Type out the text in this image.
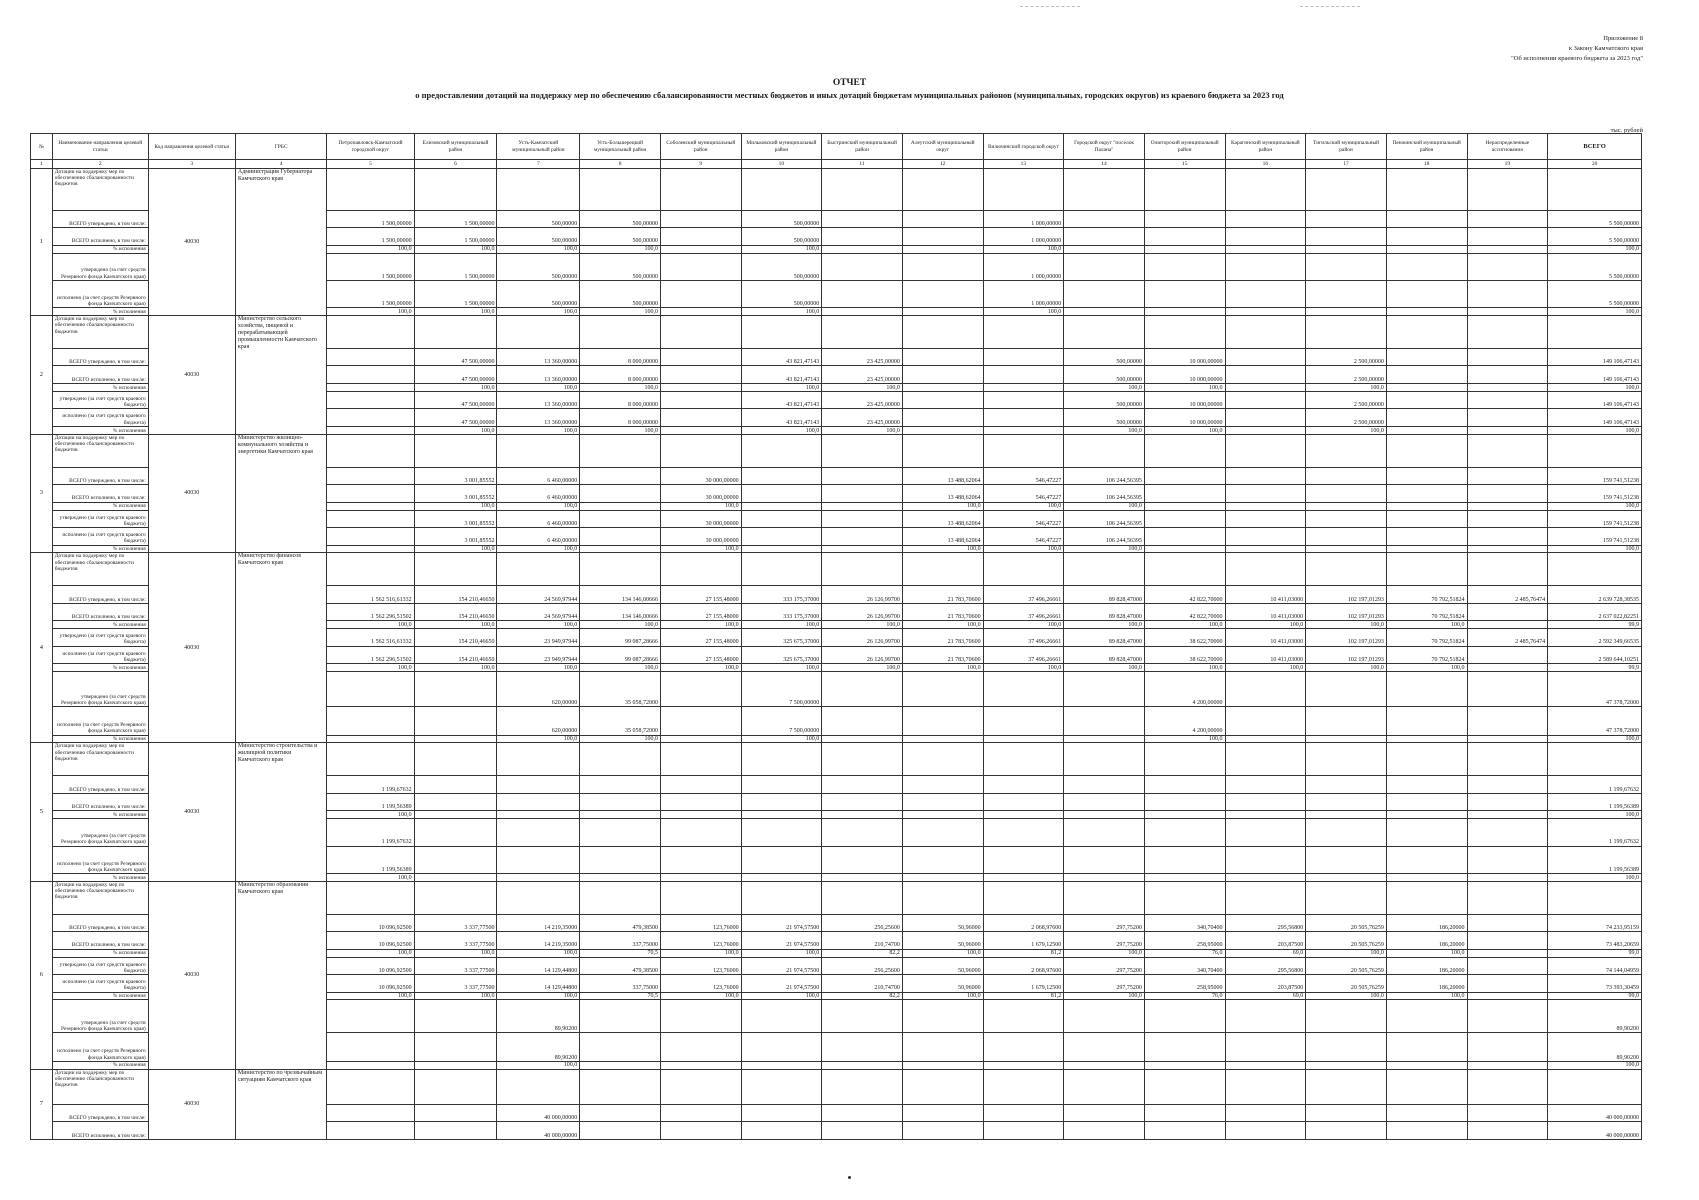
Приложение 8
к Закону Камчатского края
"Об исполнении краевого бюджета за 2023 год"
ОТЧЕТ
о предоставлении дотаций на поддержку мер по обеспечению сбалансированности местных бюджетов и иных дотаций бюджетам муниципальных районов (муниципальных, городских округов) из краевого бюджета за 2023 год
тыс. рублей
№	Наименование направления целевой статьи	Код направления целевой статьи	ГРБС	Петропавловск-Камчатский городской округ	Елизовский муниципальный район	Усть-Камчатский муниципальный район	Усть-Большерецкий муниципальный район	Соболевский муниципальный район	Мильковский муниципальный район	Быстринский муниципальный район	Алеутский муниципальный округ	Вилючинский городской округ	Городской округ "поселок Палана"	Олюторский муниципальный район	Карагинский муниципальный район	Тигильский муниципальный район	Пенжинский муниципальный район	Нераспределенные ассигнования	ВСЕГО
1	2	3	4	5	6	7	8	9	10	11	12	13	14	15	16	17	18	19	20
1	Дотации на поддержку мер по обеспечению сбалансированности бюджетов	40030	Администрация Губернатора Камчатского края																
	ВСЕГО утверждено, в том числе:			1 500,00000	1 500,00000	500,00000	500,00000		500,00000			1 000,00000							5 500,00000
	ВСЕГО исполнено, в том числе:			1 500,00000	1 500,00000	500,00000	500,00000		500,00000			1 000,00000							5 500,00000
	% исполнения			100,0	100,0	100,0	100,0		100,0			100,0							100,0
	утверждено (за счет средств Резервного фонда Камчатского края)			1 500,00000	1 500,00000	500,00000	500,00000		500,00000			1 000,00000							5 500,00000
	исполнено (за счет средств Резервного фонда Камчатского края)			1 500,00000	1 500,00000	500,00000	500,00000		500,00000			1 000,00000							5 500,00000
	% исполнения			100,0	100,0	100,0	100,0		100,0			100,0							100,0
2	Дотации на поддержку мер по обеспечению сбалансированности бюджетов	40030	Министерство сельского хозяйства, пищевой и перерабатывающей промышленности Камчатского края																
	ВСЕГО утверждено, в том числе:				47 500,00000	13 360,00000	8 000,00000		43 821,47143	23 425,00000			500,00000	10 000,00000		2 500,00000			149 106,47143
	ВСЕГО исполнено, в том числе:				47 500,00000	13 360,00000	8 000,00000		43 821,47143	23 425,00000			500,00000	10 000,00000		2 500,00000			149 106,47143
	% исполнения				100,0	100,0	100,0		100,0	100,0			100,0	100,0		100,0			100,0
	утверждено (за счет средств краевого бюджета)				47 500,00000	13 360,00000	8 000,00000		43 821,47143	23 425,00000			500,00000	10 000,00000		2 500,00000			149 106,47143
	исполнено (за счет средств краевого бюджета)				47 500,00000	13 360,00000	8 000,00000		43 821,47143	23 425,00000			500,00000	10 000,00000		2 500,00000			149 106,47143
	% исполнения				100,0	100,0	100,0		100,0	100,0			100,0	100,0		100,0			100,0
3	Дотации на поддержку мер по обеспечению сбалансированности бюджетов	40030	Министерство жилищно-коммунального хозяйства и энергетики Камчатского края																
	ВСЕГО утверждено, в том числе:				3 001,85552	6 460,00000		30 000,00000			13 488,62064	546,47227	106 244,56395						159 741,51238
	ВСЕГО исполнено, в том числе:				3 001,85552	6 460,00000		30 000,00000			13 488,62064	546,47227	106 244,56395						159 741,51238
	% исполнения				100,0	100,0		100,0			100,0	100,0	100,0						100,0
	утверждено (за счет средств краевого бюджета)				3 001,85552	6 460,00000		30 000,00000			13 488,62064	546,47227	106 244,56395						159 741,51238
	исполнено (за счет средств краевого бюджета)				3 001,85552	6 460,00000		30 000,00000			13 488,62064	546,47227	106 244,56395						159 741,51238
	% исполнения				100,0	100,0		100,0			100,0	100,0	100,0						100,0
4	Дотации на поддержку мер по обеспечению сбалансированности бюджетов	40030	Министерство финансов Камчатского края																
	ВСЕГО утверждено, в том числе:			1 562 516,61332	154 210,46650	24 569,97944	134 146,00666	27 155,48000	333 175,37000	26 126,99700	21 783,70600	37 496,26661	89 828,47000	42 822,70000	10 411,03000	102 197,01293	70 792,51824	2 485,76474	2 639 728,38535
	ВСЕГО исполнено, в том числе:			1 562 296,51502	154 210,46650	24 569,97944	134 146,00666	27 155,48000	333 175,37000	26 126,99700	21 783,70600	37 496,26661	89 828,47000	42 822,70000	10 411,03000	102 197,01293	70 792,51824		2 637 022,82251
	% исполнения			100,0	100,0	100,0	100,0	100,0	100,0	100,0	100,0	100,0	100,0	100,0	100,0	100,0	100,0		99,9
	утверждено (за счет средств краевого бюджета)			1 562 516,61332	154 210,46650	23 949,97944	99 087,28666	27 155,48000	325 675,37000	26 126,99700	21 783,70600	37 496,26661	89 828,47000	38 622,70000	10 411,03000	102 197,01293	70 792,51824	2 485,76474	2 592 349,66535
	исполнено (за счет средств краевого бюджета)			1 562 296,51502	154 210,46650	23 949,97944	99 087,28666	27 155,48000	325 675,37000	26 126,99700	21 783,70600	37 496,26661	89 828,47000	38 622,70000	10 411,03000	102 197,01293	70 792,51824		2 589 644,10251
	% исполнения			100,0	100,0	100,0	100,0	100,0	100,0	100,0	100,0	100,0	100,0	100,0	100,0	100,0	100,0		99,9
	утверждено (за счет средств Резервного фонда Камчатского края)					620,00000	35 058,72000		7 500,00000					4 200,00000					47 378,72000
	исполнено (за счет средств Резервного фонда Камчатского края)					620,00000	35 058,72000		7 500,00000					4 200,00000					47 378,72000
	% исполнения					100,0	100,0		100,0					100,0					100,0
5	Дотации на поддержку мер по обеспечению сбалансированности бюджетов	40030	Министерство строительства и жилищной политики Камчатского края																
	ВСЕГО утверждено, в том числе:			1 199,67632															1 199,67632
	ВСЕГО исполнено, в том числе:			1 199,56389															1 199,56389
	% исполнения			100,0															100,0
	утверждено (за счет средств Резервного фонда Камчатского края)			1 199,67632															1 199,67632
	исполнено (за счет средств Резервного фонда Камчатского края)			1 199,56389															1 199,56389
	% исполнения			100,0															100,0
6	Дотации на поддержку мер по обеспечению сбалансированности бюджетов	40030	Министерство образования Камчатского края																
	ВСЕГО утверждено, в том числе:			10 096,92500	3 337,77500	14 219,35000	479,38500	123,76000	21 974,57500	256,25600	50,96000	2 068,97600	297,75200	340,70400	295,56800	20 505,76259	186,20000		74 233,95159
	ВСЕГО исполнено, в том числе:			10 096,92500	3 337,77500	14 219,35000	337,75000	123,76000	21 974,57500	210,74700	50,96000	1 679,12500	297,75200	258,95000	203,87500	20 505,76259	186,20000		73 483,20659
	% исполнения			100,0	100,0	100,0	70,5	100,0	100,0	82,2	100,0	81,2	100,0	76,0	69,0	100,0	100,0		99,0
	утверждено (за счет средств краевого бюджета)			10 096,92500	3 337,77500	14 129,44800	479,38500	123,76000	21 974,57500	256,25600	50,96000	2 068,97600	297,75200	340,70400	295,56800	20 505,76259	186,20000		74 144,04959
	исполнено (за счет средств краевого бюджета)			10 096,92500	3 337,77500	14 129,44800	337,75000	123,76000	21 974,57500	210,74700	50,96000	1 679,12500	297,75200	258,95000	203,87500	20 505,76259	186,20000		73 393,30459
	% исполнения			100,0	100,0	100,0	70,5	100,0	100,0	82,2	100,0	81,2	100,0	76,0	69,0	100,0	100,0		99,0
	утверждено (за счет средств Резервного фонда Камчатского края)					89,90200													89,90200
	исполнено (за счет средств Резервного фонда Камчатского края)					89,90200													89,90200
	% исполнения					100,0													100,0
7	Дотации на поддержку мер по обеспечению сбалансированности бюджетов	40030	Министерство по чрезвычайным ситуациям Камчатского края																
	ВСЕГО утверждено, в том числе:					40 000,00000													40 000,00000
	ВСЕГО исполнено, в том числе:					40 000,00000													40 000,00000
